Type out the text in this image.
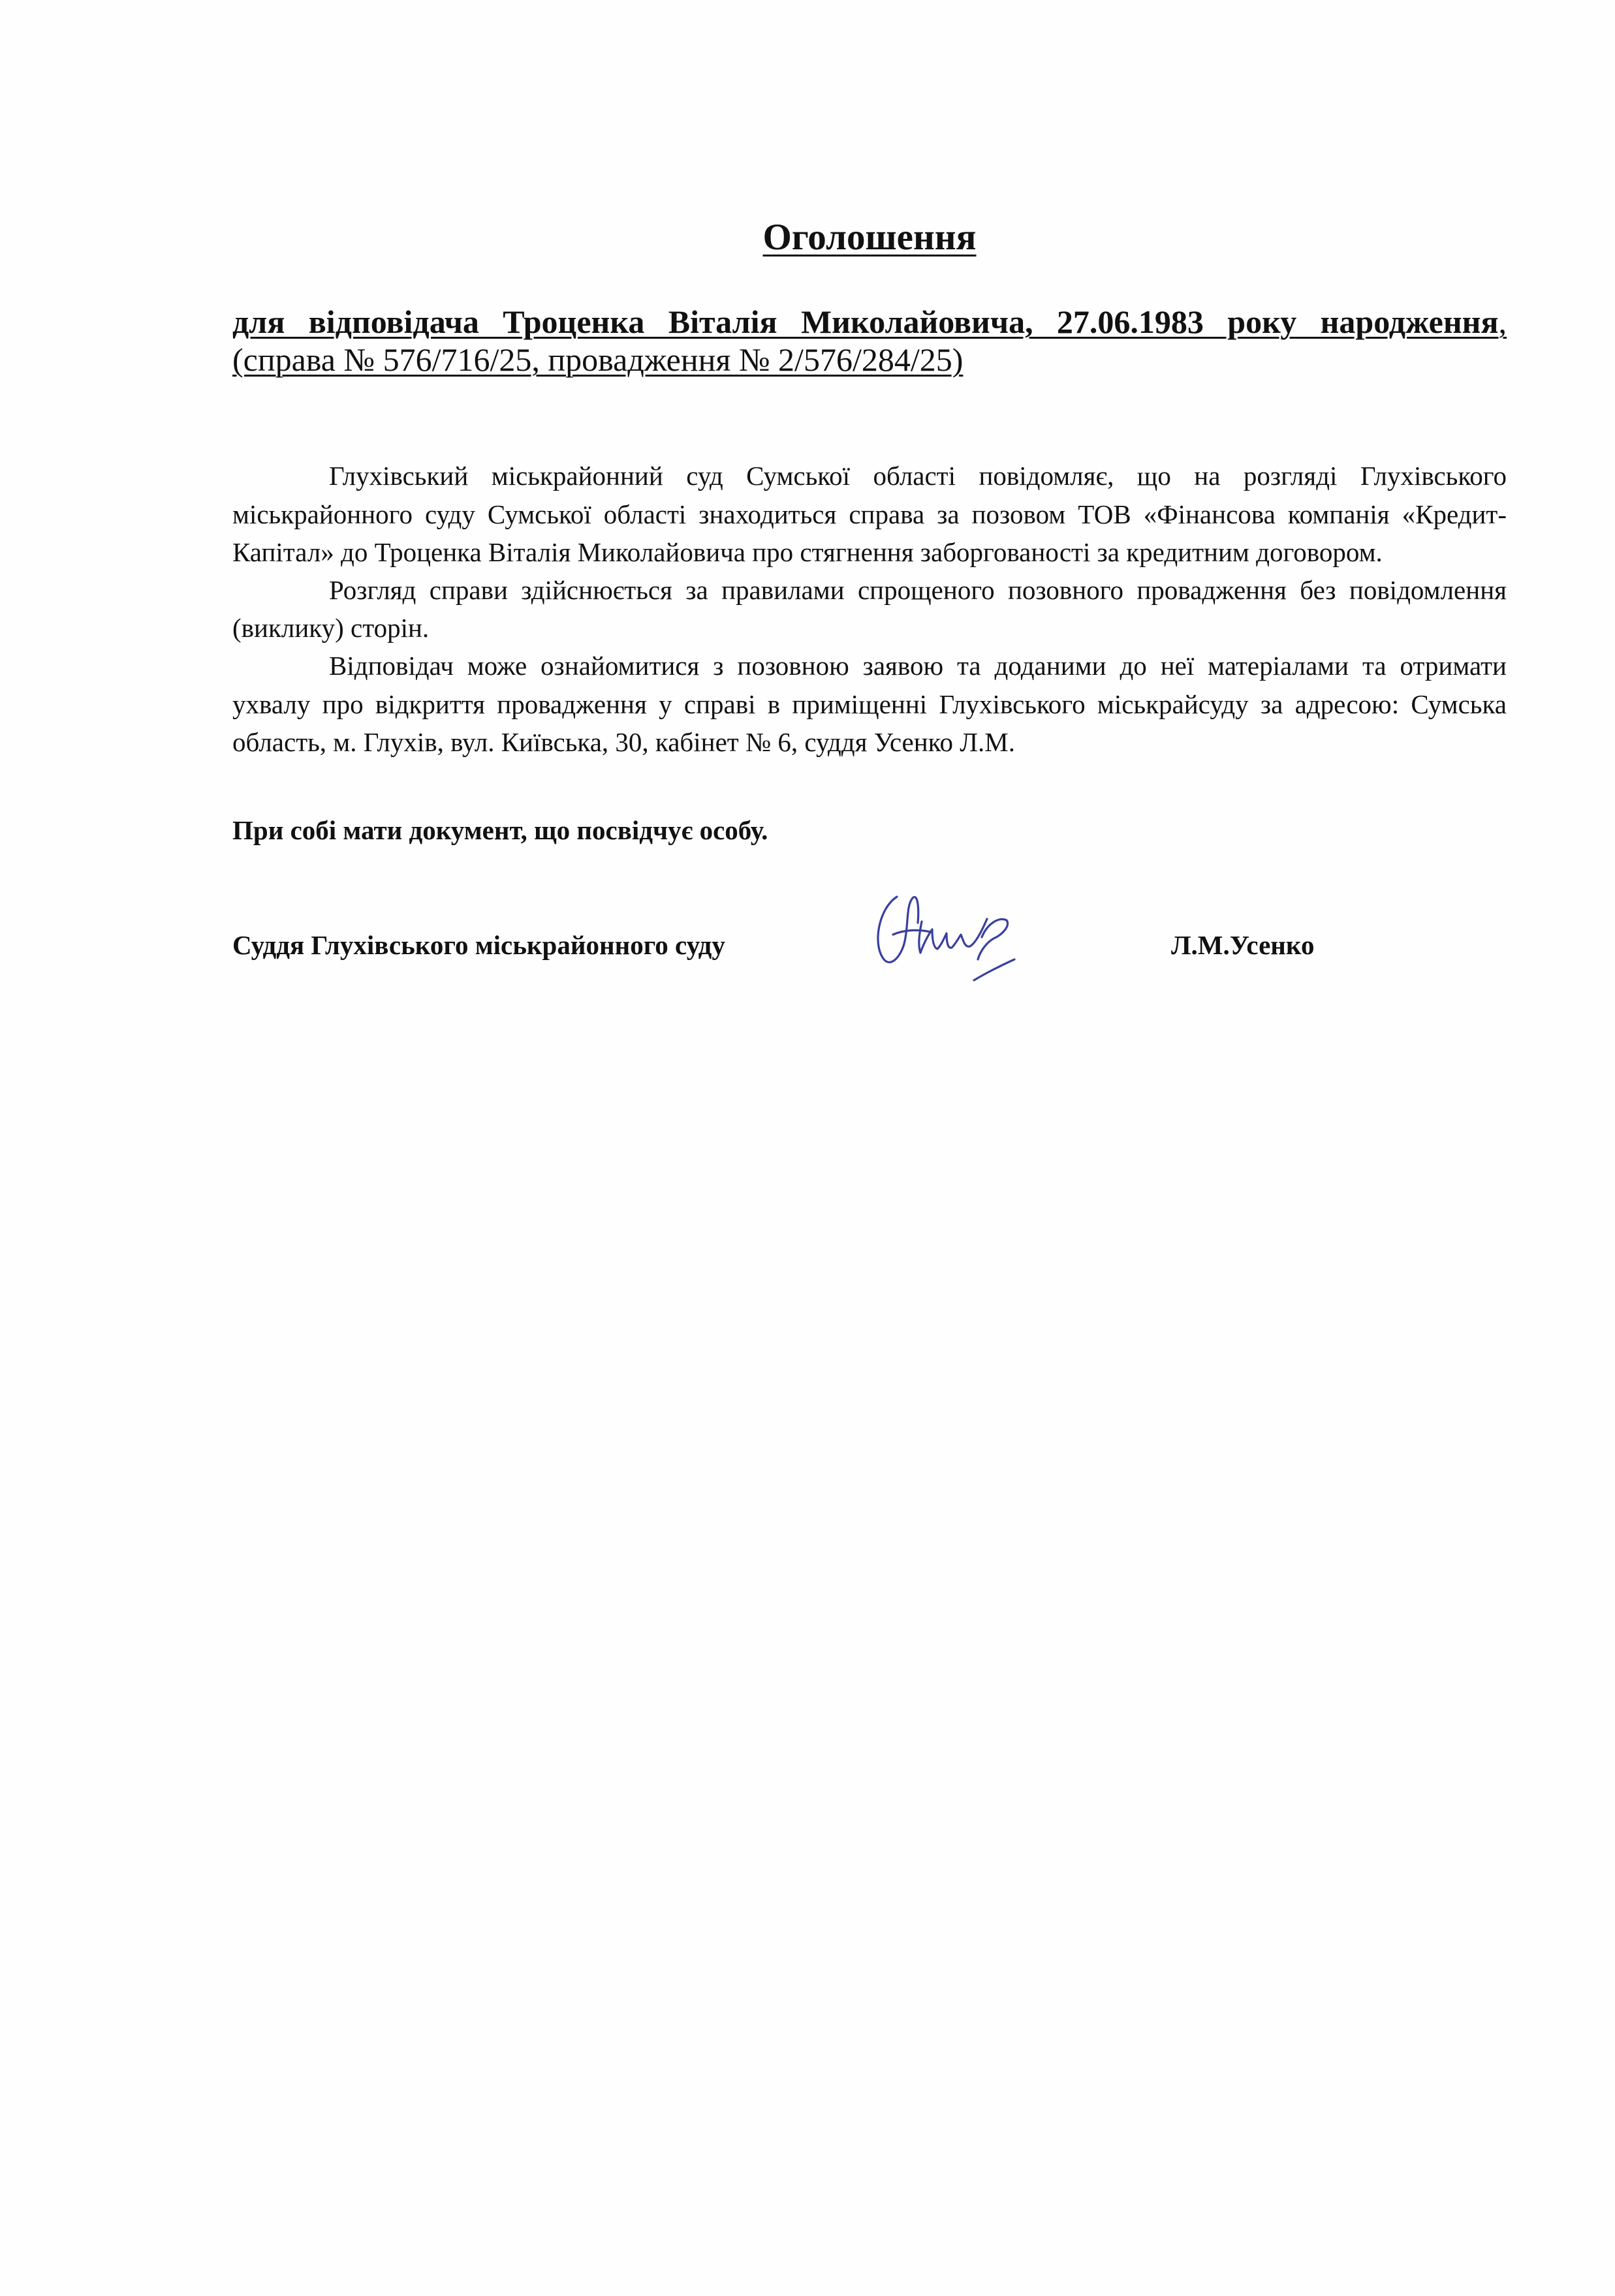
Оголошення

для відповідача Троценка Віталія Миколайовича, 27.06.1983 року народження, (справа № 576/716/25, провадження № 2/576/284/25)

Глухівський міськрайонний суд Сумської області повідомляє, що на розгляді Глухівського міськрайонного суду Сумської області знаходиться справа за позовом ТОВ «Фінансова компанія «Кредит-Капітал» до Троценка Віталія Миколайовича про стягнення заборгованості за кредитним договором.

Розгляд справи здійснюється за правилами спрощеного позовного провадження без повідомлення (виклику) сторін.

Відповідач може ознайомитися з позовною заявою та доданими до неї матеріалами та отримати ухвалу про відкриття провадження у справі в приміщенні Глухівського міськрайсуду за адресою: Сумська область, м. Глухів, вул. Київська, 30, кабінет № 6, суддя Усенко Л.М.

При собі мати документ, що посвідчує особу.

Суддя Глухівського міськрайонного суду	Л.М.Усенко
